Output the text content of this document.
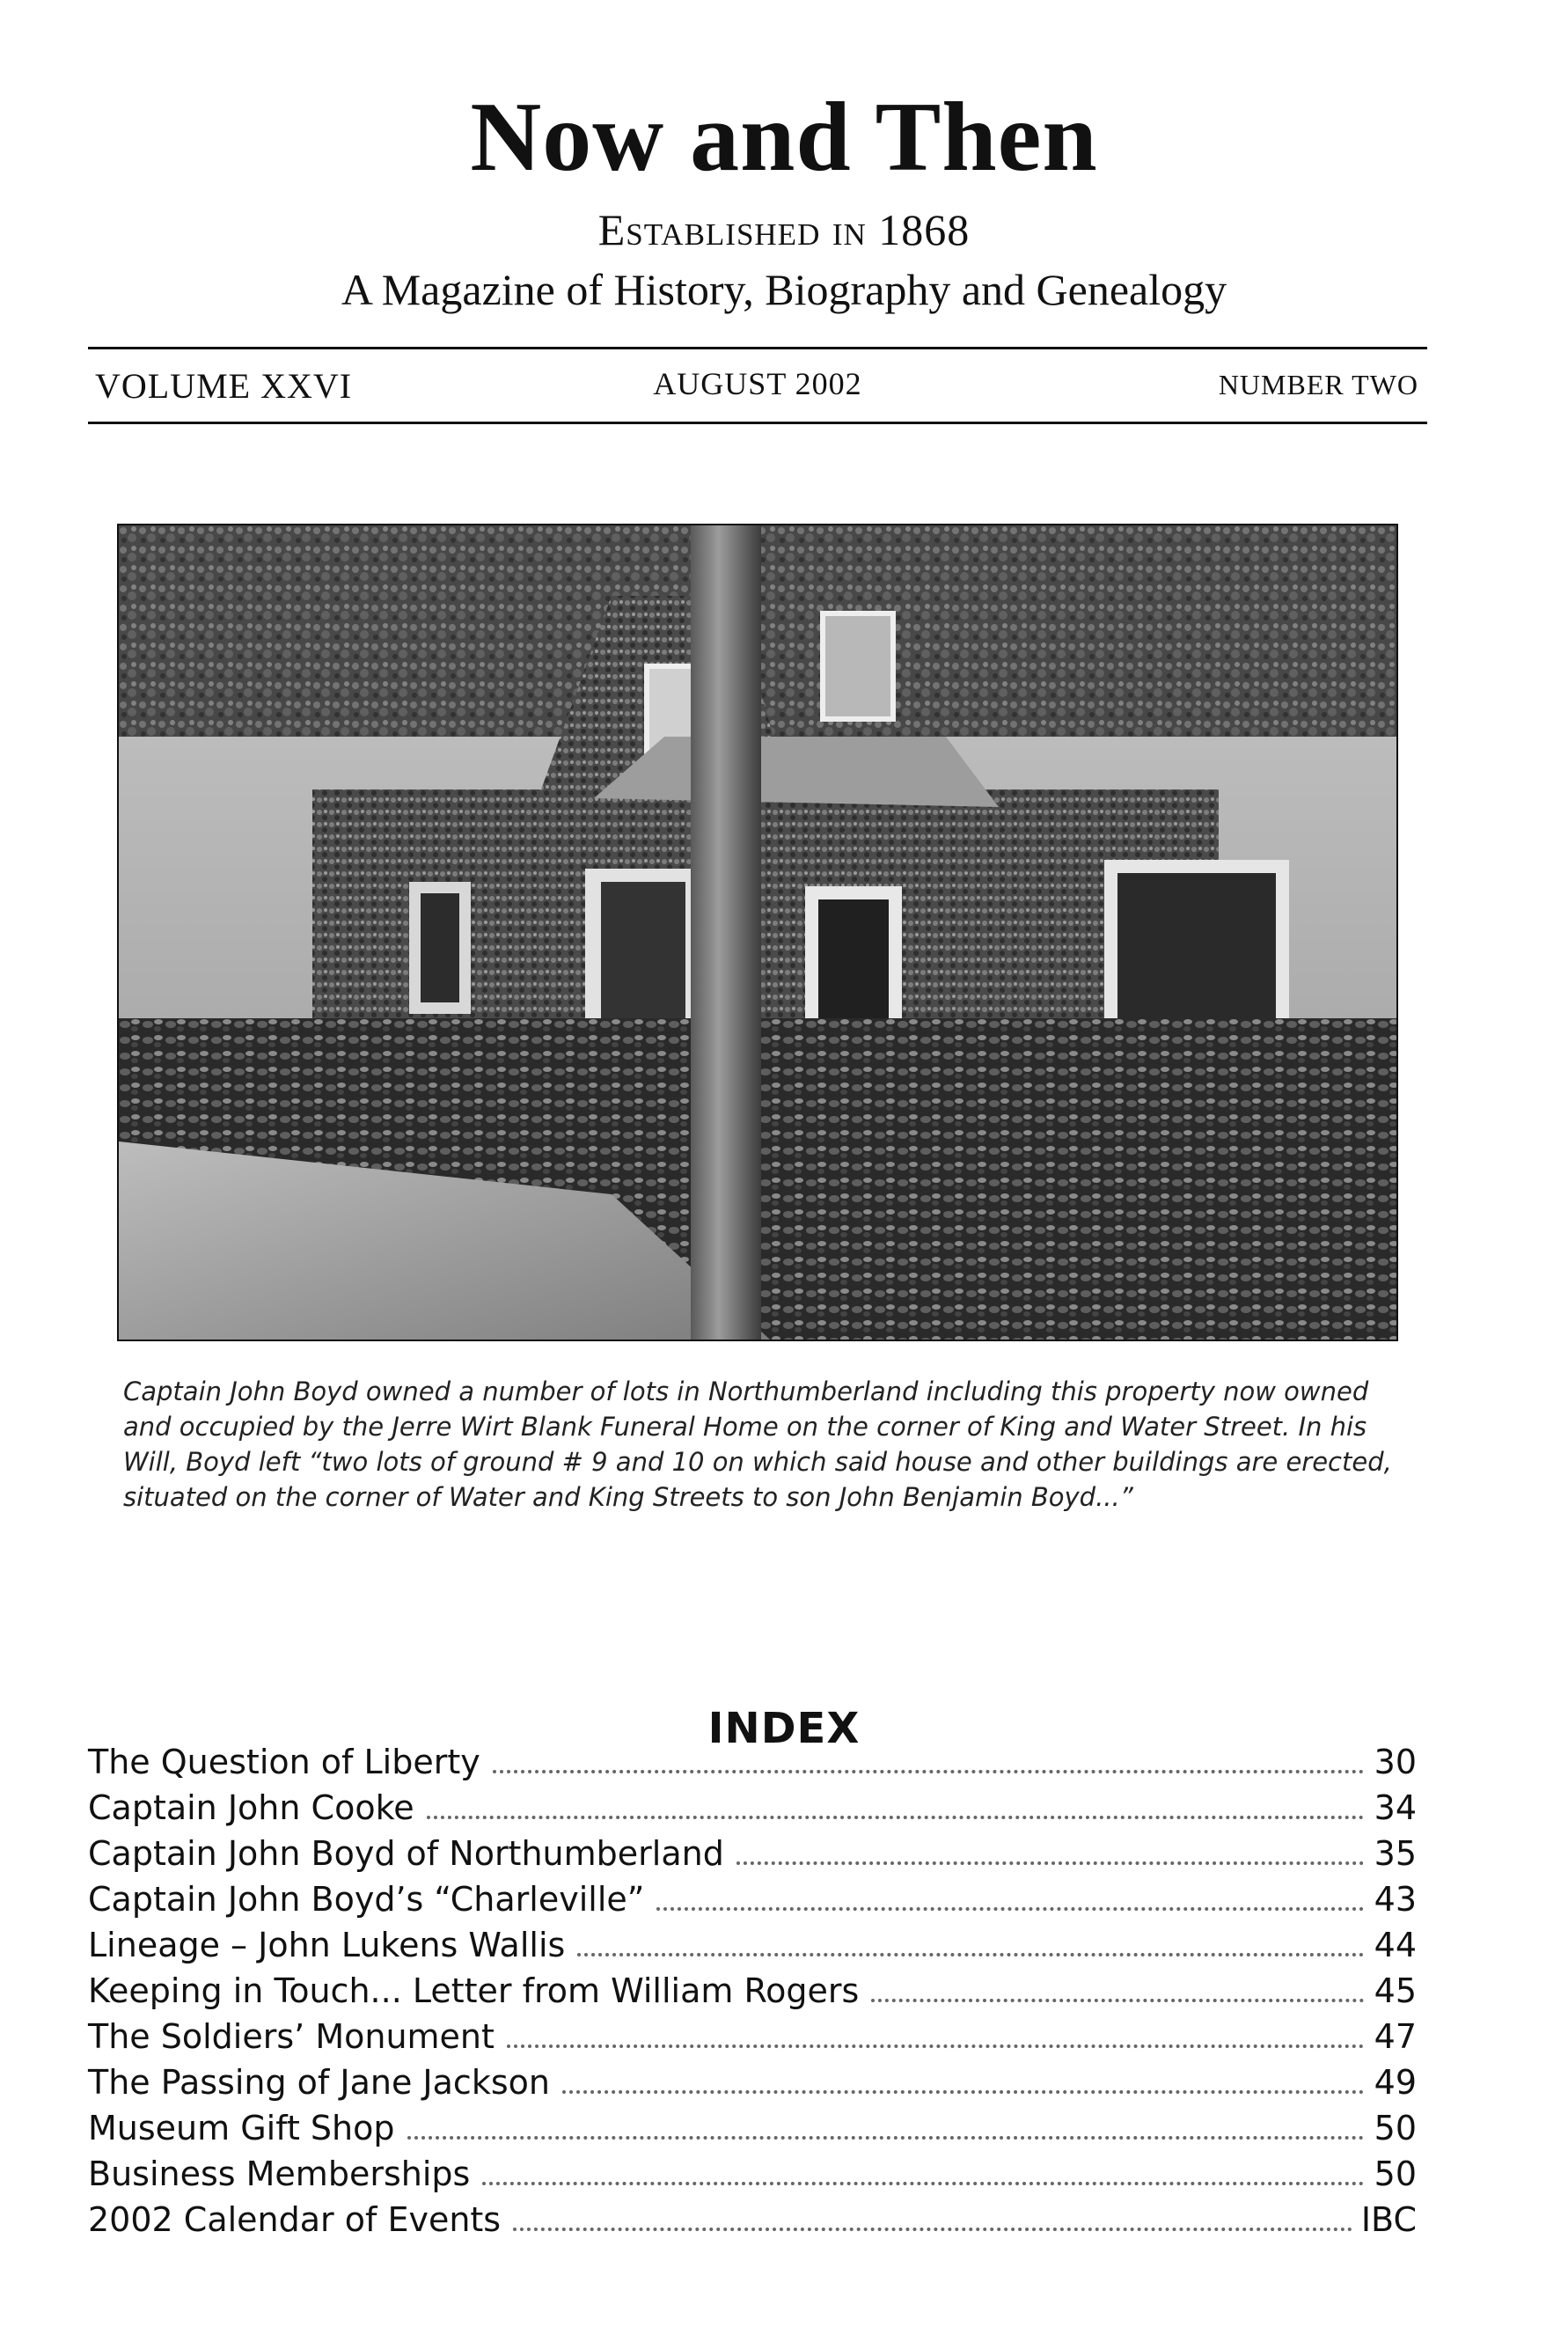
Now and Then
Established in 1868
A Magazine of History, Biography and Genealogy
VOLUME XXVI	AUGUST 2002	NUMBER TWO

Captain John Boyd owned a number of lots in Northumberland including this property now owned and occupied by the Jerre Wirt Blank Funeral Home on the corner of King and Water Street. In his Will, Boyd left “two lots of ground # 9 and 10 on which said house and other buildings are erected, situated on the corner of Water and King Streets to son John Benjamin Boyd...”

INDEX
The Question of Liberty	30
Captain John Cooke	34
Captain John Boyd of Northumberland	35
Captain John Boyd’s “Charleville”	43
Lineage – John Lukens Wallis	44
Keeping in Touch... Letter from William Rogers	45
The Soldiers’ Monument	47
The Passing of Jane Jackson	49
Museum Gift Shop	50
Business Memberships	50
2002 Calendar of Events	IBC
